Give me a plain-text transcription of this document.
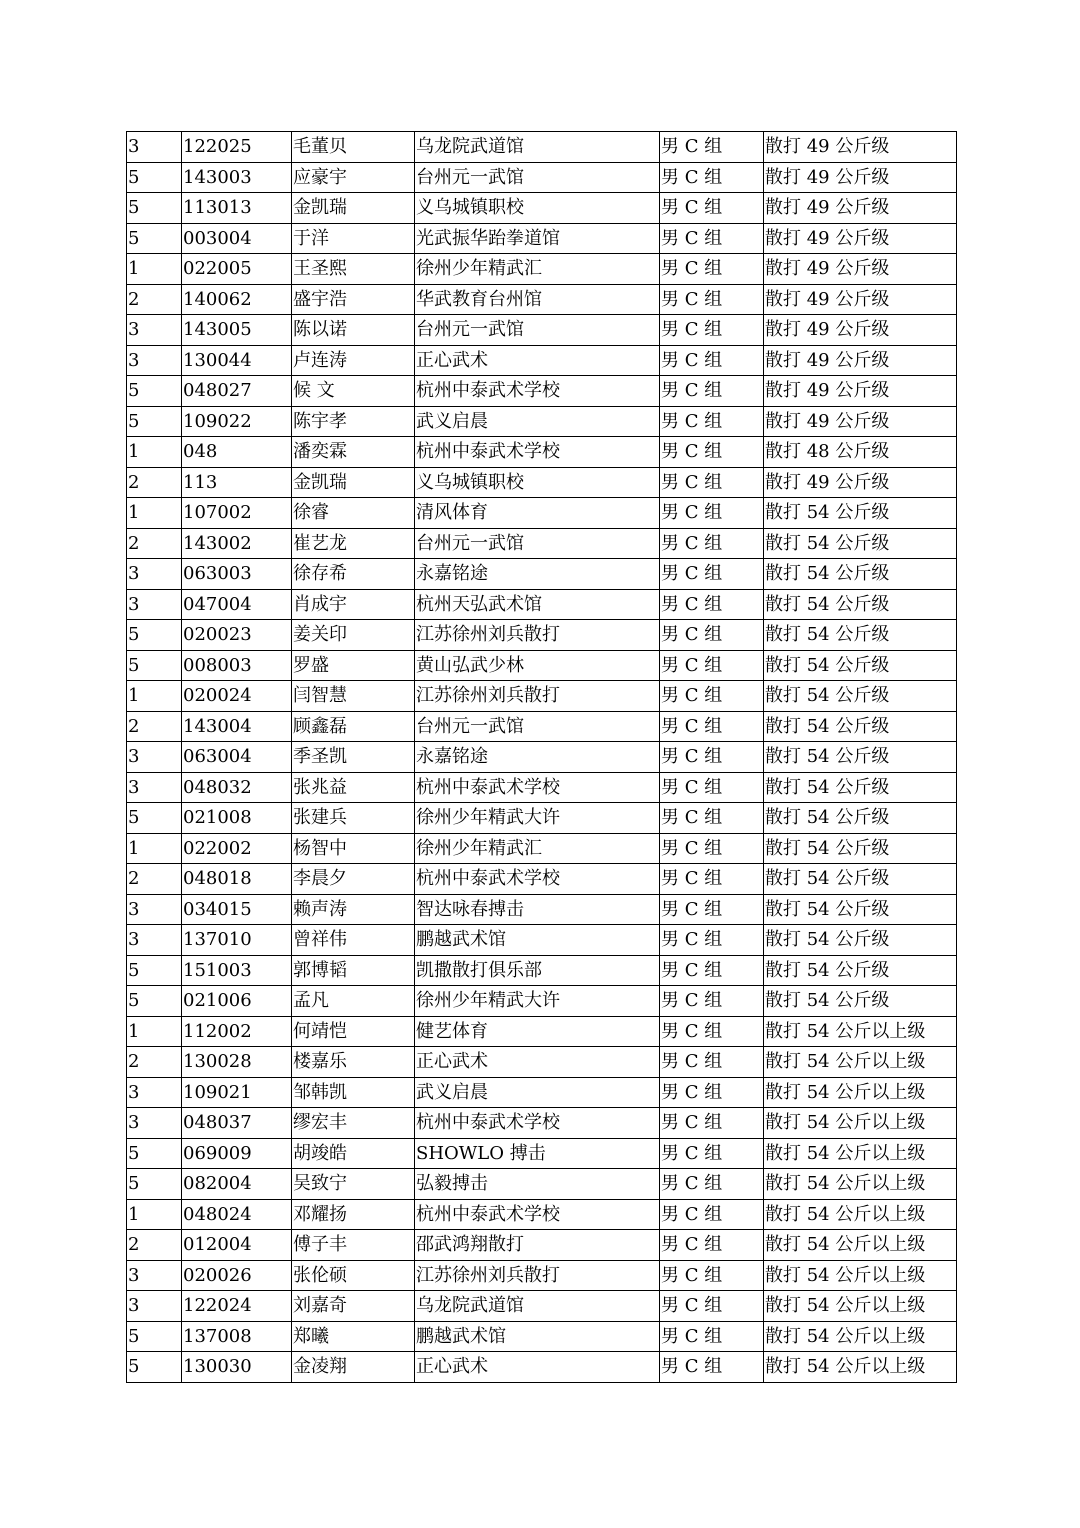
3	122025	毛董贝	乌龙院武道馆	男 C 组	散打 49 公斤级
5	143003	应豪宇	台州元一武馆	男 C 组	散打 49 公斤级
5	113013	金凯瑞	义乌城镇职校	男 C 组	散打 49 公斤级
5	003004	于洋	光武振华跆拳道馆	男 C 组	散打 49 公斤级
1	022005	王圣熙	徐州少年精武汇	男 C 组	散打 49 公斤级
2	140062	盛宇浩	华武教育台州馆	男 C 组	散打 49 公斤级
3	143005	陈以诺	台州元一武馆	男 C 组	散打 49 公斤级
3	130044	卢连涛	正心武术	男 C 组	散打 49 公斤级
5	048027	候 文	杭州中泰武术学校	男 C 组	散打 49 公斤级
5	109022	陈宇孝	武义启晨	男 C 组	散打 49 公斤级
1	048	潘奕霖	杭州中泰武术学校	男 C 组	散打 48 公斤级
2	113	金凯瑞	义乌城镇职校	男 C 组	散打 49 公斤级
1	107002	徐睿	清风体育	男 C 组	散打 54 公斤级
2	143002	崔艺龙	台州元一武馆	男 C 组	散打 54 公斤级
3	063003	徐存希	永嘉铭途	男 C 组	散打 54 公斤级
3	047004	肖成宇	杭州天弘武术馆	男 C 组	散打 54 公斤级
5	020023	姜关印	江苏徐州刘兵散打	男 C 组	散打 54 公斤级
5	008003	罗盛	黄山弘武少林	男 C 组	散打 54 公斤级
1	020024	闫智慧	江苏徐州刘兵散打	男 C 组	散打 54 公斤级
2	143004	顾鑫磊	台州元一武馆	男 C 组	散打 54 公斤级
3	063004	季圣凯	永嘉铭途	男 C 组	散打 54 公斤级
3	048032	张兆益	杭州中泰武术学校	男 C 组	散打 54 公斤级
5	021008	张建兵	徐州少年精武大许	男 C 组	散打 54 公斤级
1	022002	杨智中	徐州少年精武汇	男 C 组	散打 54 公斤级
2	048018	李晨夕	杭州中泰武术学校	男 C 组	散打 54 公斤级
3	034015	赖声涛	智达咏春搏击	男 C 组	散打 54 公斤级
3	137010	曾祥伟	鹏越武术馆	男 C 组	散打 54 公斤级
5	151003	郭博韬	凯撒散打俱乐部	男 C 组	散打 54 公斤级
5	021006	孟凡	徐州少年精武大许	男 C 组	散打 54 公斤级
1	112002	何靖恺	健艺体育	男 C 组	散打 54 公斤以上级
2	130028	楼嘉乐	正心武术	男 C 组	散打 54 公斤以上级
3	109021	邹韩凯	武义启晨	男 C 组	散打 54 公斤以上级
3	048037	缪宏丰	杭州中泰武术学校	男 C 组	散打 54 公斤以上级
5	069009	胡竣皓	SHOWLO 搏击	男 C 组	散打 54 公斤以上级
5	082004	吴致宁	弘毅搏击	男 C 组	散打 54 公斤以上级
1	048024	邓耀扬	杭州中泰武术学校	男 C 组	散打 54 公斤以上级
2	012004	傅子丰	邵武鸿翔散打	男 C 组	散打 54 公斤以上级
3	020026	张伦硕	江苏徐州刘兵散打	男 C 组	散打 54 公斤以上级
3	122024	刘嘉奇	乌龙院武道馆	男 C 组	散打 54 公斤以上级
5	137008	郑曦	鹏越武术馆	男 C 组	散打 54 公斤以上级
5	130030	金凌翔	正心武术	男 C 组	散打 54 公斤以上级
